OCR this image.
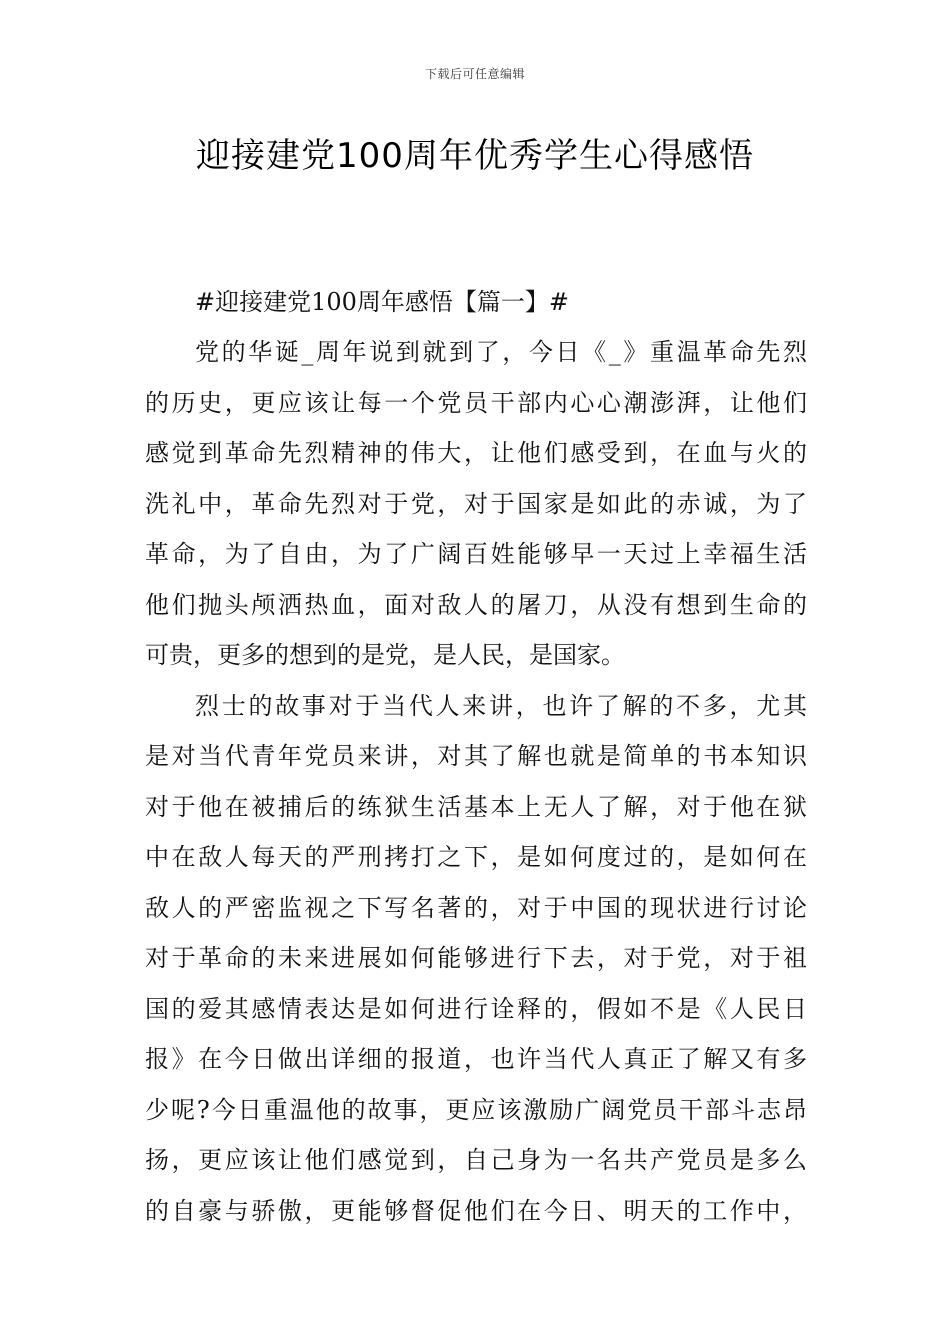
下载后可任意编辑
迎接建党100周年优秀学生心得感悟

#迎接建党100周年感悟【篇一】#

党的华诞_周年说到就到了，今日《_》重温革命先烈
的历史，更应该让每一个党员干部内心心潮澎湃，让他们
感觉到革命先烈精神的伟大，让他们感受到，在血与火的
洗礼中，革命先烈对于党，对于国家是如此的赤诚，为了
革命，为了自由，为了广阔百姓能够早一天过上幸福生活
他们抛头颅洒热血，面对敌人的屠刀，从没有想到生命的
可贵，更多的想到的是党，是人民，是国家。

烈士的故事对于当代人来讲，也许了解的不多，尤其
是对当代青年党员来讲，对其了解也就是简单的书本知识
对于他在被捕后的练狱生活基本上无人了解，对于他在狱
中在敌人每天的严刑拷打之下，是如何度过的，是如何在
敌人的严密监视之下写名著的，对于中国的现状进行讨论
对于革命的未来进展如何能够进行下去，对于党，对于祖
国的爱其感情表达是如何进行诠释的，假如不是《人民日
报》在今日做出详细的报道，也许当代人真正了解又有多
少呢?今日重温他的故事，更应该激励广阔党员干部斗志昂
扬，更应该让他们感觉到，自己身为一名共产党员是多么
的自豪与骄傲，更能够督促他们在今日、明天的工作中，
